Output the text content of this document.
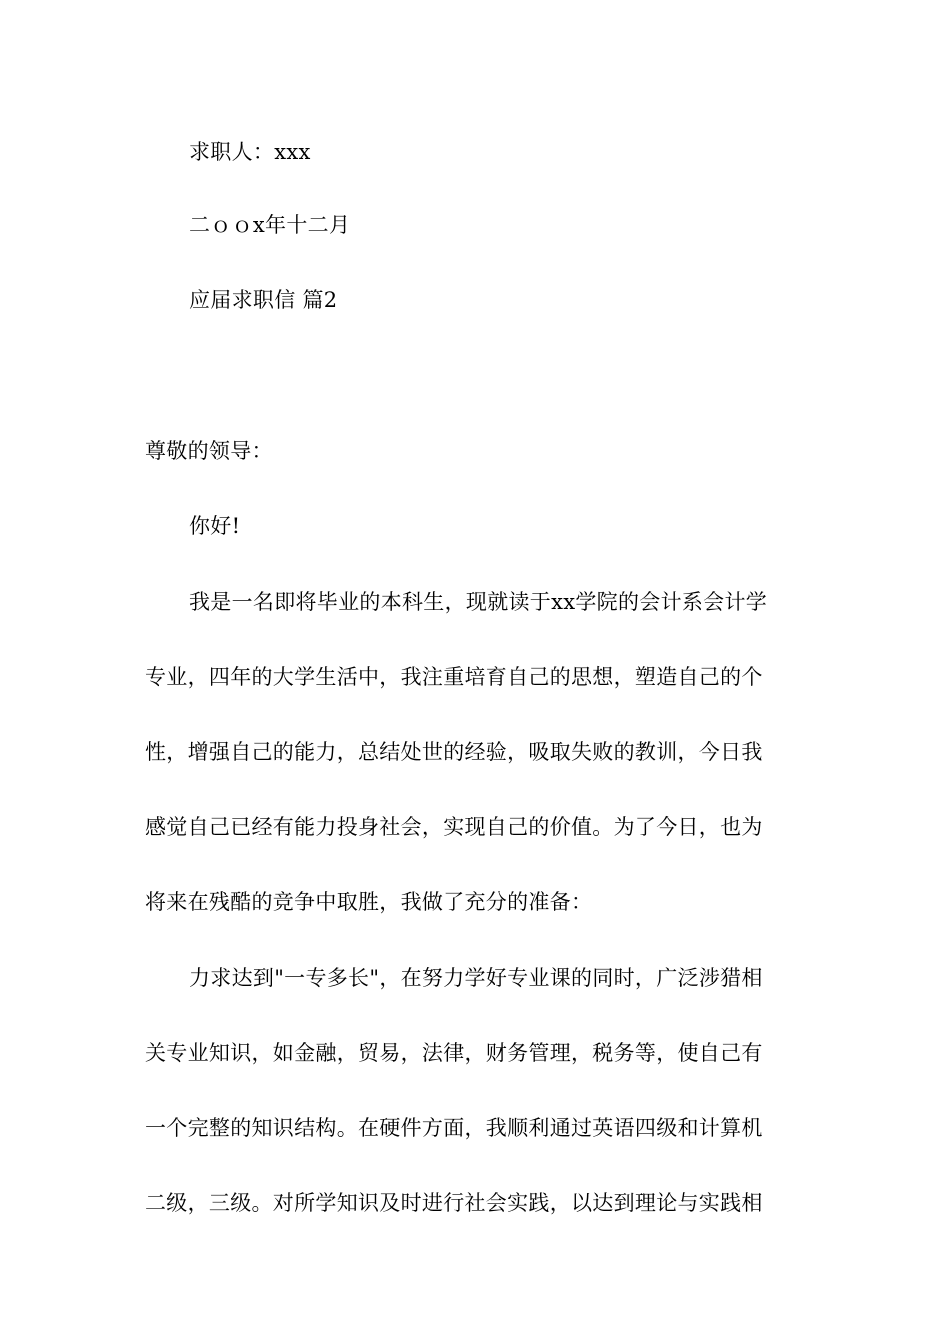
求职人：xxx
二ｏｏx年十二月
应届求职信 篇2
尊敬的领导：
你好!
我是一名即将毕业的本科生，现就读于xx学院的会计系会计学
专业，四年的大学生活中，我注重培育自己的思想，塑造自己的个
性，增强自己的能力，总结处世的经验，吸取失败的教训，今日我
感觉自己已经有能力投身社会，实现自己的价值。为了今日，也为
将来在残酷的竞争中取胜，我做了充分的准备：
力求达到"一专多长"，在努力学好专业课的同时，广泛涉猎相
关专业知识，如金融，贸易，法律，财务管理，税务等，使自己有
一个完整的知识结构。在硬件方面，我顺利通过英语四级和计算机
二级，三级。对所学知识及时进行社会实践，以达到理论与实践相
